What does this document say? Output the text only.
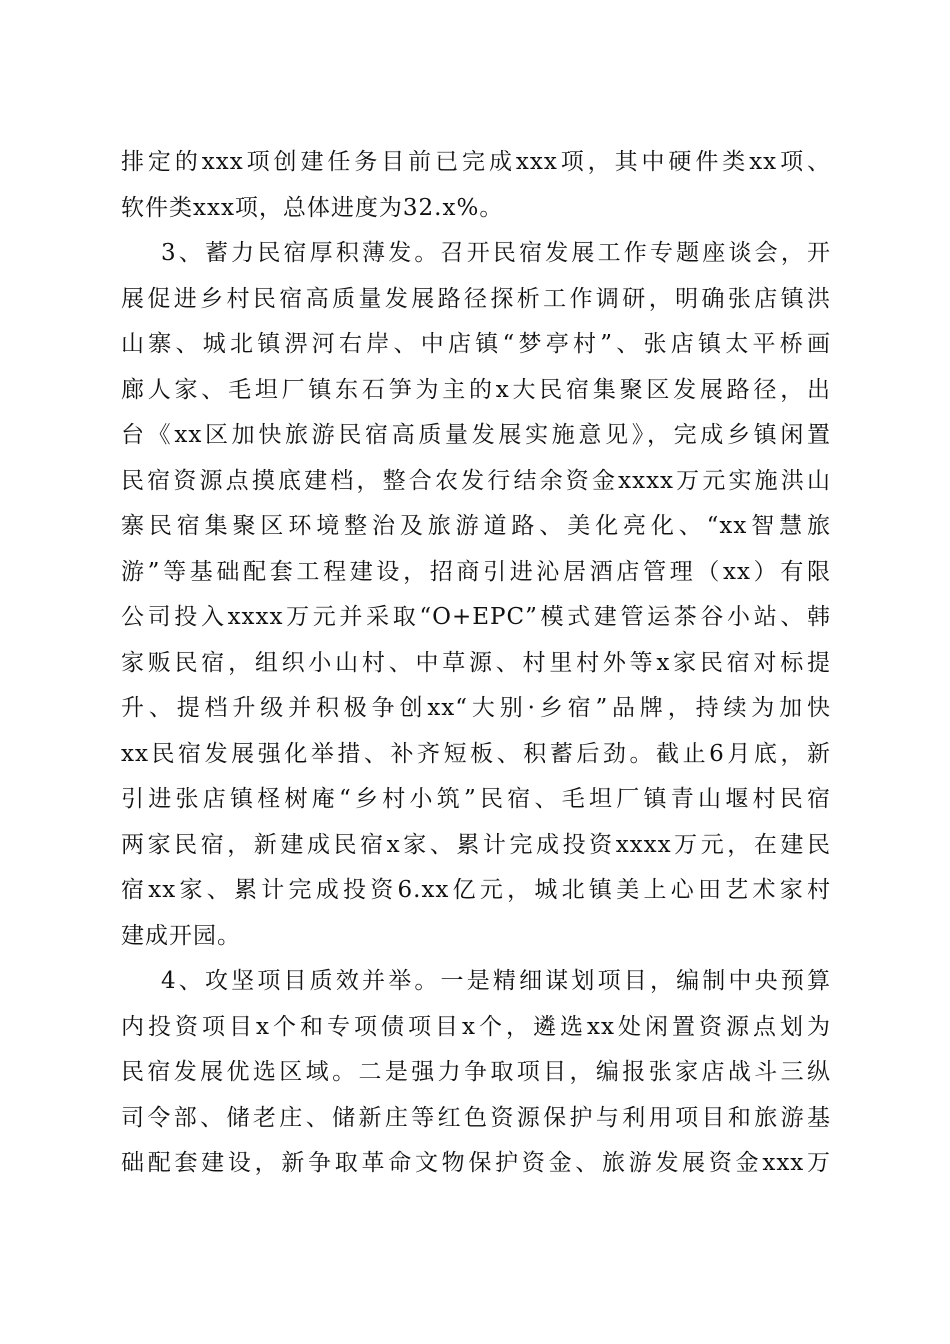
排定的xxx项创建任务目前已完成xxx项，其中硬件类xx项、
软件类xxx项，总体进度为32.x%。
3、蓄力民宿厚积薄发。召开民宿发展工作专题座谈会，开
展促进乡村民宿高质量发展路径探析工作调研，明确张店镇洪
山寨、城北镇淠河右岸、中店镇“梦亭村”、张店镇太平桥画
廊人家、毛坦厂镇东石笋为主的x大民宿集聚区发展路径，出
台《xx区加快旅游民宿高质量发展实施意见》，完成乡镇闲置
民宿资源点摸底建档，整合农发行结余资金xxxx万元实施洪山
寨民宿集聚区环境整治及旅游道路、美化亮化、“xx智慧旅
游”等基础配套工程建设，招商引进沁居酒店管理（xx）有限
公司投入xxxx万元并采取“O+EPC”模式建管运茶谷小站、韩
家贩民宿，组织小山村、中草源、村里村外等x家民宿对标提
升、提档升级并积极争创xx“大别·乡宿”品牌，持续为加快
xx民宿发展强化举措、补齐短板、积蓄后劲。截止6月底，新
引进张店镇柽树庵“乡村小筑”民宿、毛坦厂镇青山堰村民宿
两家民宿，新建成民宿x家、累计完成投资xxxx万元，在建民
宿xx家、累计完成投资6.xx亿元，城北镇美上心田艺术家村
建成开园。
4、攻坚项目质效并举。一是精细谋划项目，编制中央预算
内投资项目x个和专项债项目x个，遴选xx处闲置资源点划为
民宿发展优选区域。二是强力争取项目，编报张家店战斗三纵
司令部、储老庄、储新庄等红色资源保护与利用项目和旅游基
础配套建设，新争取革命文物保护资金、旅游发展资金xxx万
